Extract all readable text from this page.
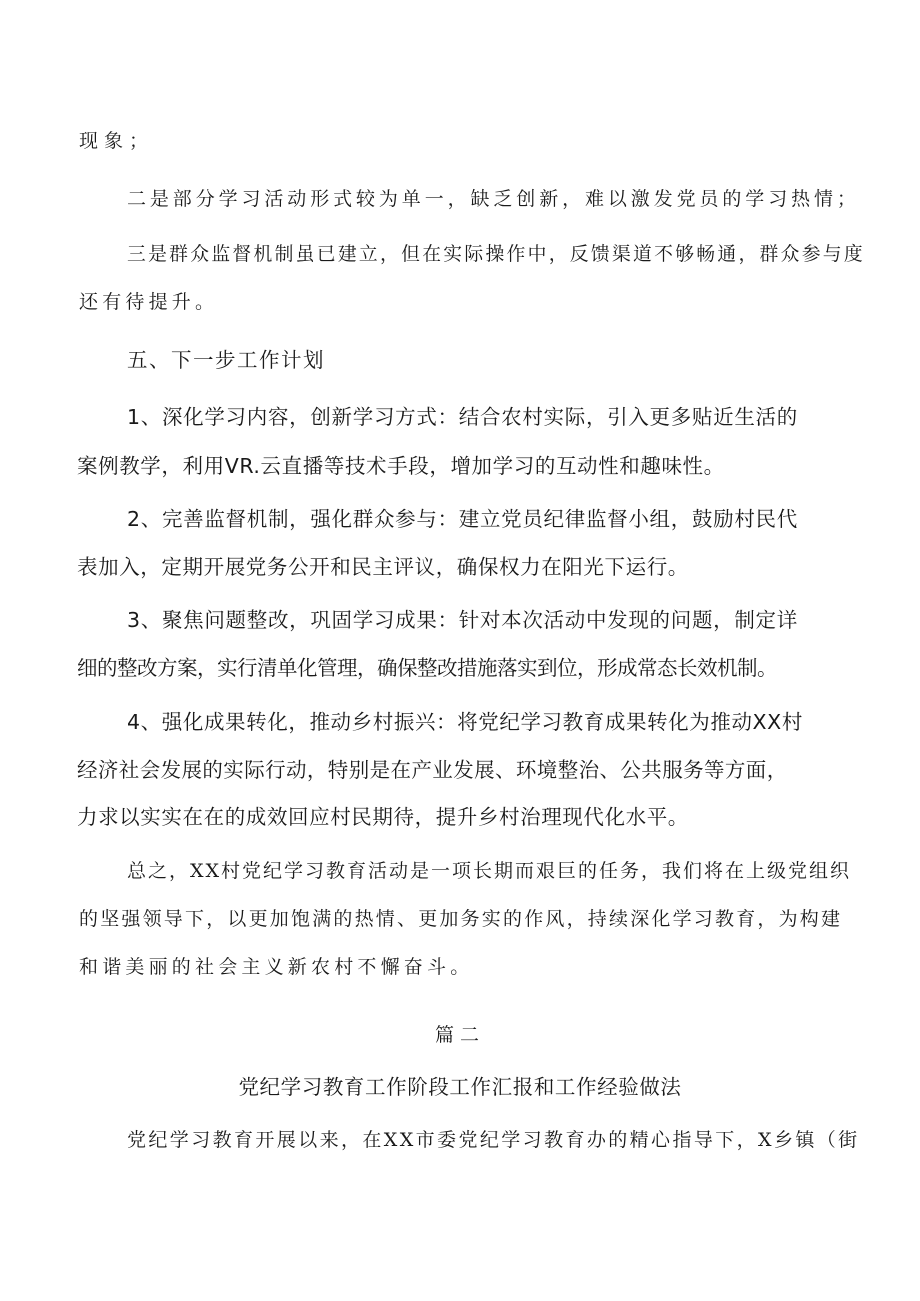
现象；
二是部分学习活动形式较为单一，缺乏创新，难以激发党员的学习热情；
三是群众监督机制虽已建立，但在实际操作中，反馈渠道不够畅通，群众参与度
还有待提升。
五、下一步工作计划
1、深化学习内容，创新学习方式：结合农村实际，引入更多贴近生活的
案例教学，利用VR.云直播等技术手段，增加学习的互动性和趣味性。
2、完善监督机制，强化群众参与：建立党员纪律监督小组，鼓励村民代
表加入，定期开展党务公开和民主评议，确保权力在阳光下运行。
3、聚焦问题整改，巩固学习成果：针对本次活动中发现的问题，制定详
细的整改方案，实行清单化管理，确保整改措施落实到位，形成常态长效机制。
4、强化成果转化，推动乡村振兴：将党纪学习教育成果转化为推动XX村
经济社会发展的实际行动，特别是在产业发展、环境整治、公共服务等方面，
力求以实实在在的成效回应村民期待，提升乡村治理现代化水平。
总之，XX村党纪学习教育活动是一项长期而艰巨的任务，我们将在上级党组织
的坚强领导下，以更加饱满的热情、更加务实的作风，持续深化学习教育，为构建
和谐美丽的社会主义新农村不懈奋斗。
篇二
党纪学习教育工作阶段工作汇报和工作经验做法
党纪学习教育开展以来，在XX市委党纪学习教育办的精心指导下，X乡镇（街
